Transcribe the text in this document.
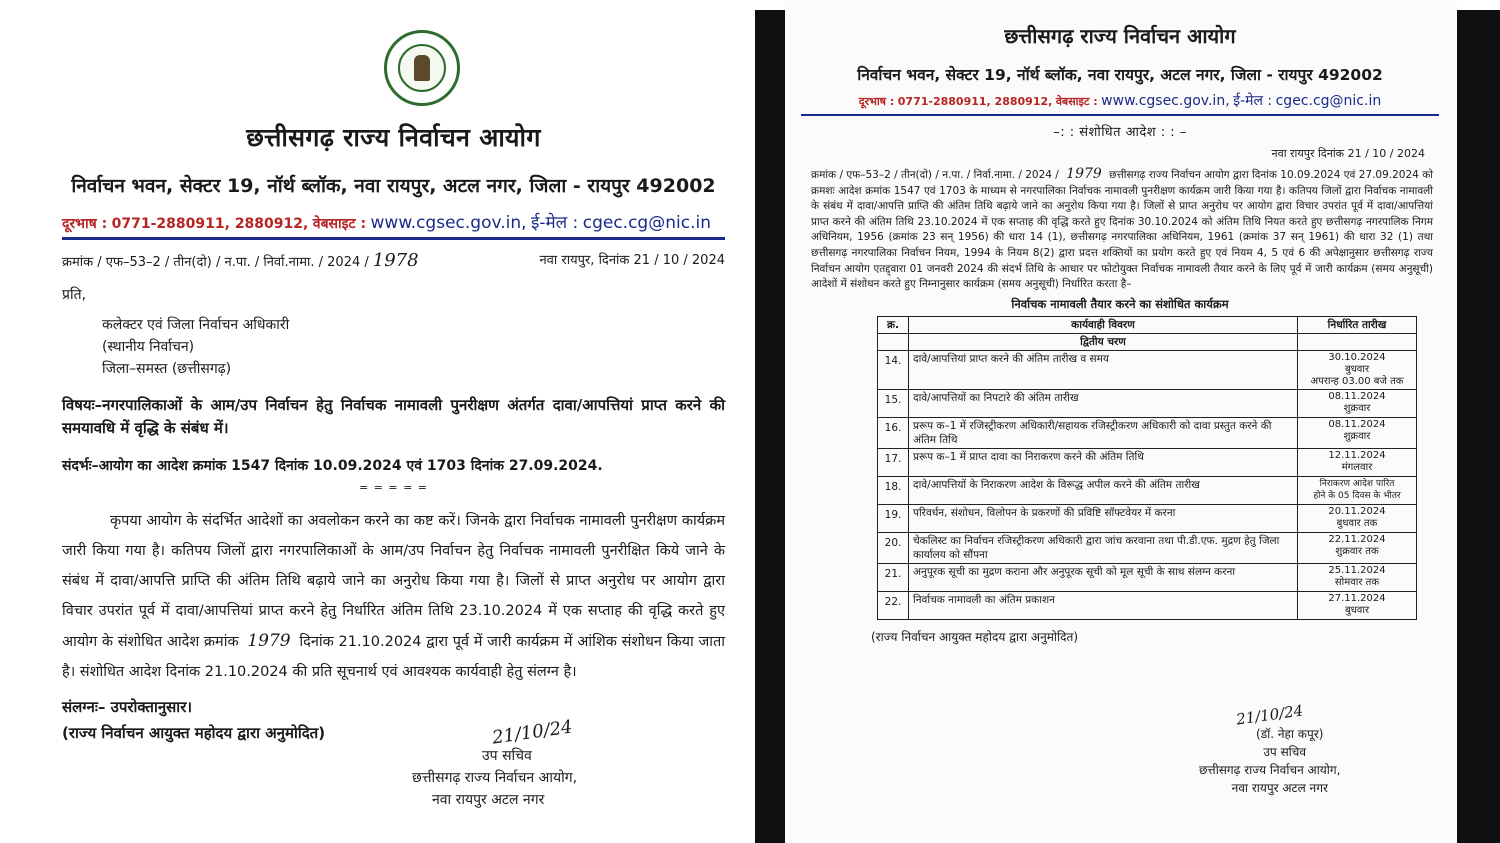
छत्तीसगढ़ राज्य निर्वाचन आयोग
निर्वाचन भवन, सेक्टर 19, नॉर्थ ब्लॉक, नवा रायपुर, अटल नगर, जिला - रायपुर 492002
दूरभाष : 0771-2880911, 2880912, वेबसाइट : www.cgsec.gov.in, ई-मेल : cgec.cg@nic.in
क्रमांक / एफ–53–2 / तीन(दो) / न.पा. / निर्वा.नामा. / 2024 / 1978	नवा रायपुर, दिनांक 21 / 10 / 2024
प्रति,
कलेक्टर एवं जिला निर्वाचन अधिकारी
(स्थानीय निर्वाचन)
जिला–समस्त (छत्तीसगढ़)
विषयः–नगरपालिकाओं के आम/उप निर्वाचन हेतु निर्वाचक नामावली पुनरीक्षण अंतर्गत दावा/आपत्तियां प्राप्त करने की समयावधि में वृद्धि के संबंध में।
संदर्भः–आयोग का आदेश क्रमांक 1547 दिनांक 10.09.2024 एवं 1703 दिनांक 27.09.2024.
= = = = =
कृपया आयोग के संदर्भित आदेशों का अवलोकन करने का कष्ट करें। जिनके द्वारा निर्वाचक नामावली पुनरीक्षण कार्यक्रम जारी किया गया है। कतिपय जिलों द्वारा नगरपालिकाओं के आम/उप निर्वाचन हेतु निर्वाचक नामावली पुनरीक्षित किये जाने के संबंध में दावा/आपत्ति प्राप्ति की अंतिम तिथि बढ़ाये जाने का अनुरोध किया गया है। जिलों से प्राप्त अनुरोध पर आयोग द्वारा विचार उपरांत पूर्व में दावा/आपत्तियां प्राप्त करने हेतु निर्धारित अंतिम तिथि 23.10.2024 में एक सप्ताह की वृद्धि करते हुए आयोग के संशोधित आदेश क्रमांक 1979 दिनांक 21.10.2024 द्वारा पूर्व में जारी कार्यक्रम में आंशिक संशोधन किया जाता है। संशोधित आदेश दिनांक 21.10.2024 की प्रति सूचनार्थ एवं आवश्यक कार्यवाही हेतु संलग्न है।
संलग्नः– उपरोक्तानुसार।
(राज्य निर्वाचन आयुक्त महोदय द्वारा अनुमोदित)	21/10/24
उप सचिव
छत्तीसगढ़ राज्य निर्वाचन आयोग,
नवा रायपुर अटल नगर
छत्तीसगढ़ राज्य निर्वाचन आयोग
निर्वाचन भवन, सेक्टर 19, नॉर्थ ब्लॉक, नवा रायपुर, अटल नगर, जिला - रायपुर 492002
दूरभाष : 0771-2880911, 2880912, वेबसाइट : www.cgsec.gov.in, ई-मेल : cgec.cg@nic.in
–: : संशोधित आदेश : : –
नवा रायपुर दिनांक 21 / 10 / 2024
क्रमांक / एफ–53–2 / तीन(दो) / न.पा. / निर्वा.नामा. / 2024 / 1979 छत्तीसगढ़ राज्य निर्वाचन आयोग द्वारा दिनांक 10.09.2024 एवं 27.09.2024 को क्रमशः आदेश क्रमांक 1547 एवं 1703 के माध्यम से नगरपालिका निर्वाचक नामावली पुनरीक्षण कार्यक्रम जारी किया गया है। कतिपय जिलों द्वारा निर्वाचक नामावली के संबंध में दावा/आपत्ति प्राप्ति की अंतिम तिथि बढ़ाये जाने का अनुरोध किया गया है। जिलों से प्राप्त अनुरोध पर आयोग द्वारा विचार उपरांत पूर्व में दावा/आपत्तियां प्राप्त करने की अंतिम तिथि 23.10.2024 में एक सप्ताह की वृद्धि करते हुए दिनांक 30.10.2024 को अंतिम तिथि नियत करते हुए छत्तीसगढ़ नगरपालिक निगम अधिनियम, 1956 (क्रमांक 23 सन् 1956) की धारा 14 (1), छत्तीसगढ़ नगरपालिका अधिनियम, 1961 (क्रमांक 37 सन् 1961) की धारा 32 (1) तथा छत्तीसगढ़ नगरपालिका निर्वाचन नियम, 1994 के नियम 8(2) द्वारा प्रदत्त शक्तियों का प्रयोग करते हुए एवं नियम 4, 5 एवं 6 की अपेक्षानुसार छत्तीसगढ़ राज्य निर्वाचन आयोग एतद्द्वारा 01 जनवरी 2024 की संदर्भ तिथि के आधार पर फोटोयुक्त निर्वाचक नामावली तैयार करने के लिए पूर्व में जारी कार्यक्रम (समय अनुसूची) आदेशों में संशोधन करते हुए निम्नानुसार कार्यक्रम (समय अनुसूची) निर्धारित करता है–
निर्वाचक नामावली तैयार करने का संशोधित कार्यक्रम
क्र.	कार्यवाही विवरण	निर्धारित तारीख
	द्वितीय चरण	
14.	दावे/आपत्तियां प्राप्त करने की अंतिम तारीख व समय	30.10.2024
बुधवार
अपरान्ह 03.00 बजे तक

15.	दावे/आपत्तियों का निपटारे की अंतिम तारीख	08.11.2024
शुक्रवार

16.	प्ररूप क–1 में रजिस्ट्रीकरण अधिकारी/सहायक रजिस्ट्रीकरण अधिकारी को दावा प्रस्तुत करने की अंतिम तिथि	08.11.2024
शुक्रवार

17.	प्ररूप क–1 में प्राप्त दावा का निराकरण करने की अंतिम तिथि	12.11.2024
मंगलवार

18.	दावे/आपत्तियों के निराकरण आदेश के विरूद्ध अपील करने की अंतिम तारीख	निराकरण आदेश पारित
होने के 05 दिवस के भीतर

19.	परिवर्धन, संशोधन, विलोपन के प्रकरणों की प्रविष्टि सॉफ्टवेयर में करना	20.11.2024
बुधवार तक

20.	चेकलिस्ट का निर्वाचन रजिस्ट्रीकरण अधिकारी द्वारा जांच करवाना तथा पी.डी.एफ. मुद्रण हेतु जिला कार्यालय को सौंपना	22.11.2024
शुक्रवार तक

21.	अनुपूरक सूची का मुद्रण कराना और अनुपूरक सूची को मूल सूची के साथ संलग्न करना	25.11.2024
सोमवार तक

22.	निर्वाचक नामावली का अंतिम प्रकाशन	27.11.2024
बुधवार
(राज्य निर्वाचन आयुक्त महोदय द्वारा अनुमोदित)
21/10/24
(डॉ. नेहा कपूर)
उप सचिव
छत्तीसगढ़ राज्य निर्वाचन आयोग,
नवा रायपुर अटल नगर
